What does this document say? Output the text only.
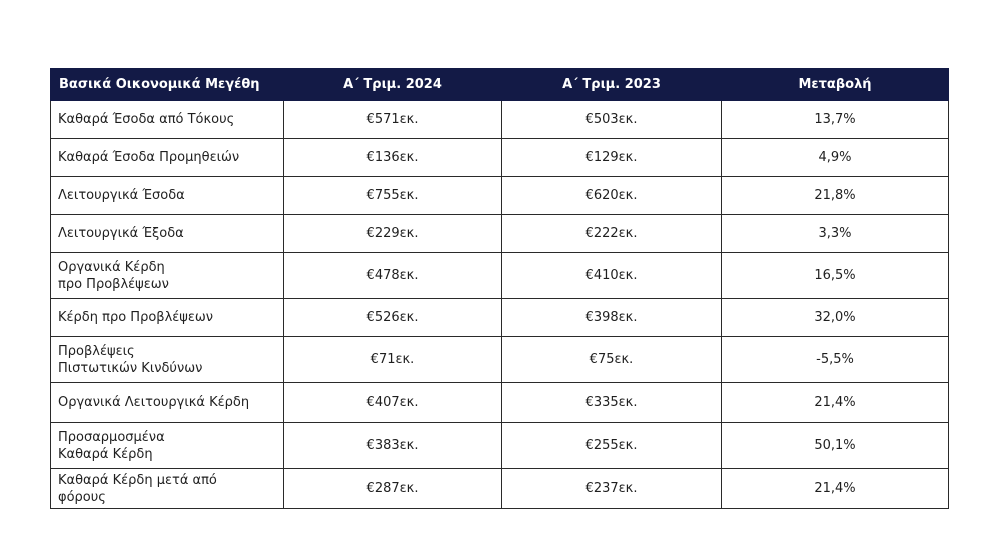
Βασικά Οικονομικά Μεγέθη	Α΄ Τριμ. 2024	Α΄ Τριμ. 2023	Μεταβολή
Καθαρά Έσοδα από Τόκους	€571εκ.	€503εκ.	13,7%
Καθαρά Έσοδα Προμηθειών	€136εκ.	€129εκ.	4,9%
Λειτουργικά Έσοδα	€755εκ.	€620εκ.	21,8%
Λειτουργικά Έξοδα	€229εκ.	€222εκ.	3,3%
Οργανικά Κέρδη
προ Προβλέψεων	€478εκ.	€410εκ.	16,5%
Κέρδη προ Προβλέψεων	€526εκ.	€398εκ.	32,0%
Προβλέψεις
Πιστωτικών Κινδύνων	€71εκ.	€75εκ.	-5,5%
Οργανικά Λειτουργικά Κέρδη	€407εκ.	€335εκ.	21,4%
Προσαρμοσμένα
Καθαρά Κέρδη	€383εκ.	€255εκ.	50,1%
Καθαρά Κέρδη μετά από
φόρους	€287εκ.	€237εκ.	21,4%
